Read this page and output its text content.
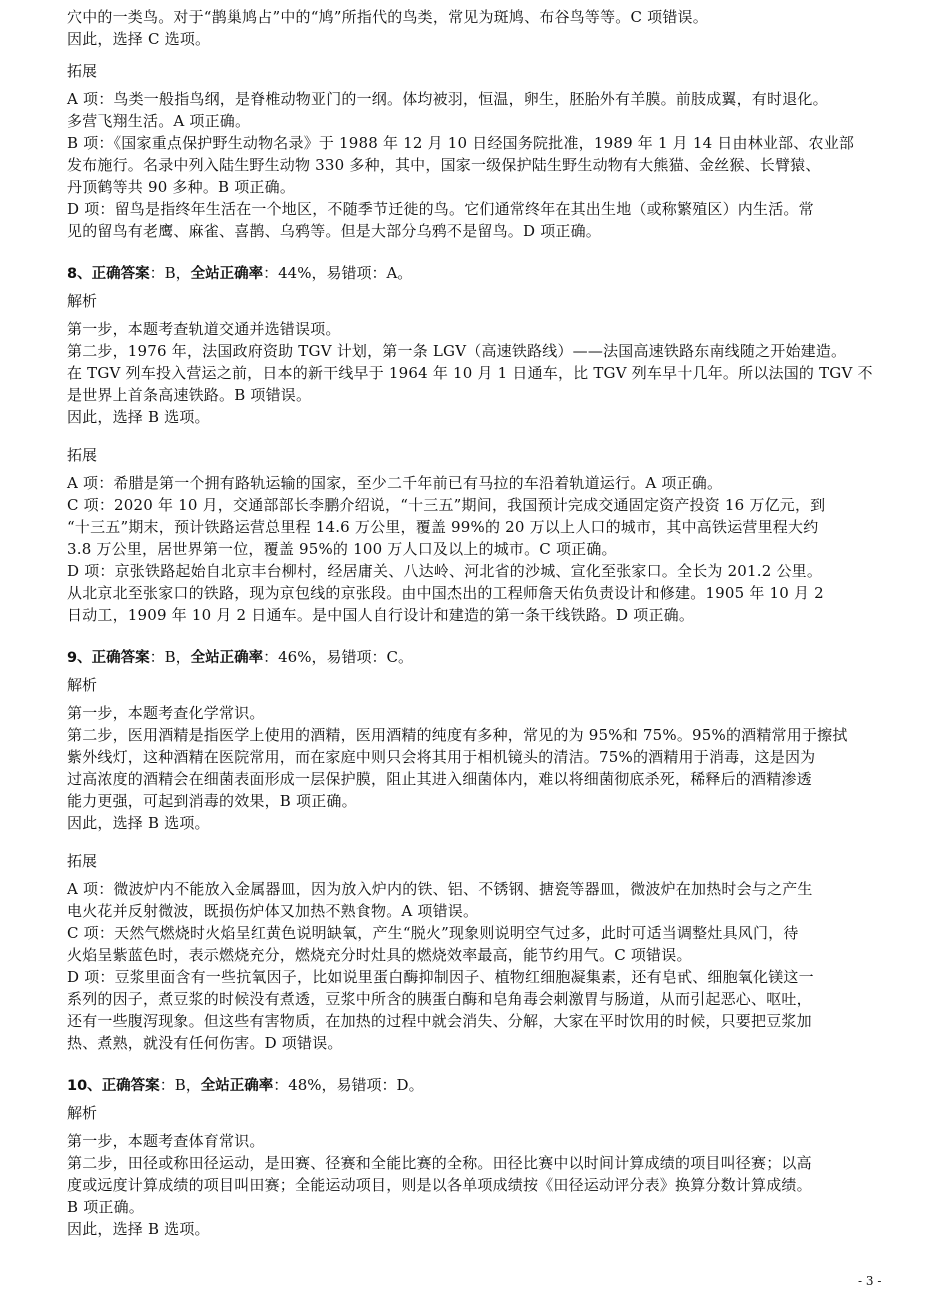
穴中的一类鸟。对于“鹊巢鸠占”中的“鸠”所指代的鸟类，常见为斑鸠、布谷鸟等等。C 项错误。
因此，选择 C 选项。
拓展
A 项：鸟类一般指鸟纲，是脊椎动物亚门的一纲。体均被羽，恒温，卵生，胚胎外有羊膜。前肢成翼，有时退化。
多营飞翔生活。A 项正确。
B 项：《国家重点保护野生动物名录》于 1988 年 12 月 10 日经国务院批准，1989 年 1 月 14 日由林业部、农业部
发布施行。名录中列入陆生野生动物 330 多种，其中，国家一级保护陆生野生动物有大熊猫、金丝猴、长臂猿、
丹顶鹤等共 90 多种。B 项正确。
D 项：留鸟是指终年生活在一个地区，不随季节迁徙的鸟。它们通常终年在其出生地（或称繁殖区）内生活。常
见的留鸟有老鹰、麻雀、喜鹊、乌鸦等。但是大部分乌鸦不是留鸟。D 项正确。
8、正确答案：B，全站正确率：44%，易错项：A。
解析
第一步，本题考查轨道交通并选错误项。
第二步，1976 年，法国政府资助 TGV 计划，第一条 LGV（高速铁路线）——法国高速铁路东南线随之开始建造。
在 TGV 列车投入营运之前，日本的新干线早于 1964 年 10 月 1 日通车，比 TGV 列车早十几年。所以法国的 TGV 不
是世界上首条高速铁路。B 项错误。
因此，选择 B 选项。
拓展
A 项：希腊是第一个拥有路轨运输的国家，至少二千年前已有马拉的车沿着轨道运行。A 项正确。
C 项：2020 年 10 月，交通部部长李鹏介绍说，“十三五”期间，我国预计完成交通固定资产投资 16 万亿元，到
“十三五”期末，预计铁路运营总里程 14.6 万公里，覆盖 99%的 20 万以上人口的城市，其中高铁运营里程大约
3.8 万公里，居世界第一位，覆盖 95%的 100 万人口及以上的城市。C 项正确。
D 项：京张铁路起始自北京丰台柳村，经居庸关、八达岭、河北省的沙城、宣化至张家口。全长为 201.2 公里。
从北京北至张家口的铁路，现为京包线的京张段。由中国杰出的工程师詹天佑负责设计和修建。1905 年 10 月 2
日动工，1909 年 10 月 2 日通车。是中国人自行设计和建造的第一条干线铁路。D 项正确。
9、正确答案：B，全站正确率：46%，易错项：C。
解析
第一步，本题考查化学常识。
第二步，医用酒精是指医学上使用的酒精，医用酒精的纯度有多种，常见的为 95%和 75%。95%的酒精常用于擦拭
紫外线灯，这种酒精在医院常用，而在家庭中则只会将其用于相机镜头的清洁。75%的酒精用于消毒，这是因为
过高浓度的酒精会在细菌表面形成一层保护膜，阻止其进入细菌体内，难以将细菌彻底杀死，稀释后的酒精渗透
能力更强，可起到消毒的效果，B 项正确。
因此，选择 B 选项。
拓展
A 项：微波炉内不能放入金属器皿，因为放入炉内的铁、铝、不锈钢、搪瓷等器皿，微波炉在加热时会与之产生
电火花并反射微波，既损伤炉体又加热不熟食物。A 项错误。
C 项：天然气燃烧时火焰呈红黄色说明缺氧，产生“脱火”现象则说明空气过多，此时可适当调整灶具风门，待
火焰呈紫蓝色时，表示燃烧充分，燃烧充分时灶具的燃烧效率最高，能节约用气。C 项错误。
D 项：豆浆里面含有一些抗氧因子，比如说里蛋白酶抑制因子、植物红细胞凝集素，还有皂甙、细胞氧化镁这一
系列的因子，煮豆浆的时候没有煮透，豆浆中所含的胰蛋白酶和皂角毒会刺激胃与肠道，从而引起恶心、呕吐，
还有一些腹泻现象。但这些有害物质，在加热的过程中就会消失、分解，大家在平时饮用的时候，只要把豆浆加
热、煮熟，就没有任何伤害。D 项错误。
10、正确答案：B，全站正确率：48%，易错项：D。
解析
第一步，本题考查体育常识。
第二步，田径或称田径运动，是田赛、径赛和全能比赛的全称。田径比赛中以时间计算成绩的项目叫径赛；以高
度或远度计算成绩的项目叫田赛；全能运动项目，则是以各单项成绩按《田径运动评分表》换算分数计算成绩。
B 项正确。
因此，选择 B 选项。
- 3 -
